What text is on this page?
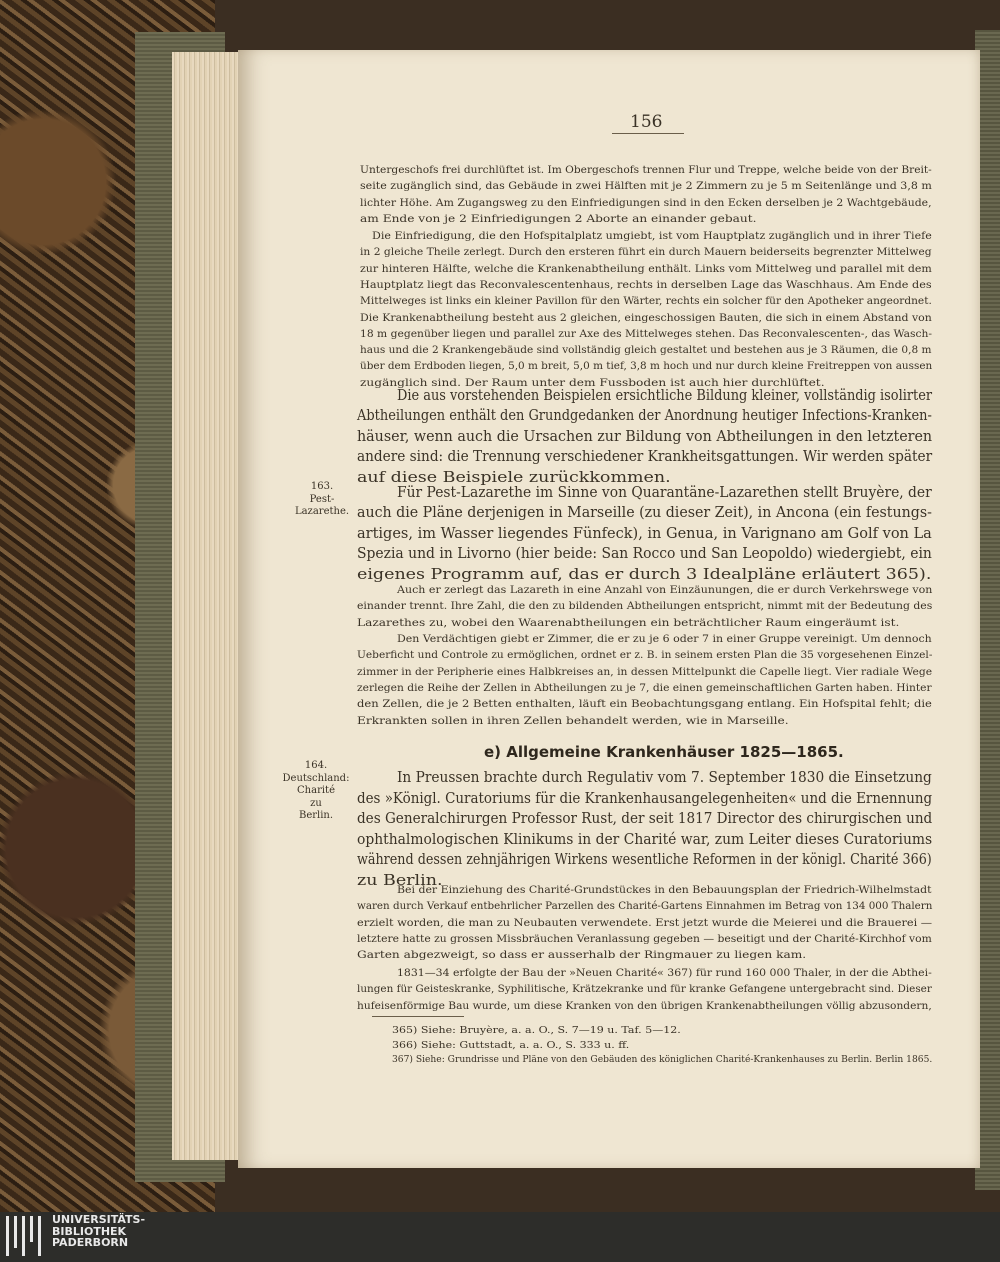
156
Untergeschofs frei durchlüftet ist. Im Obergeschofs trennen Flur und Treppe, welche beide von der Breit-
seite zugänglich sind, das Gebäude in zwei Hälften mit je 2 Zimmern zu je 5 m Seitenlänge und 3,8 m
lichter Höhe. Am Zugangsweg zu den Einfriedigungen sind in den Ecken derselben je 2 Wachtgebäude,
am Ende von je 2 Einfriedigungen 2 Aborte an einander gebaut.
Die Einfriedigung, die den Hofspitalplatz umgiebt, ist vom Hauptplatz zugänglich und in ihrer Tiefe
in 2 gleiche Theile zerlegt. Durch den ersteren führt ein durch Mauern beiderseits begrenzter Mittelweg
zur hinteren Hälfte, welche die Krankenabtheilung enthält. Links vom Mittelweg und parallel mit dem
Hauptplatz liegt das Reconvalescentenhaus, rechts in derselben Lage das Waschhaus. Am Ende des
Mittelweges ist links ein kleiner Pavillon für den Wärter, rechts ein solcher für den Apotheker angeordnet.
Die Krankenabtheilung besteht aus 2 gleichen, eingeschossigen Bauten, die sich in einem Abstand von
18 m gegenüber liegen und parallel zur Axe des Mittelweges stehen. Das Reconvalescenten-, das Wasch-
haus und die 2 Krankengebäude sind vollständig gleich gestaltet und bestehen aus je 3 Räumen, die 0,8 m
über dem Erdboden liegen, 5,0 m breit, 5,0 m tief, 3,8 m hoch und nur durch kleine Freitreppen von aussen
zugänglich sind. Der Raum unter dem Fussboden ist auch hier durchlüftet.
Die aus vorstehenden Beispielen ersichtliche Bildung kleiner, vollständig isolirter
Abtheilungen enthält den Grundgedanken der Anordnung heutiger Infections-Kranken-
häuser, wenn auch die Ursachen zur Bildung von Abtheilungen in den letzteren
andere sind: die Trennung verschiedener Krankheitsgattungen. Wir werden später
auf diese Beispiele zurückkommen.
Für Pest-Lazarethe im Sinne von Quarantäne-Lazarethen stellt Bruyère, der
auch die Pläne derjenigen in Marseille (zu dieser Zeit), in Ancona (ein festungs-
artiges, im Wasser liegendes Fünfeck), in Genua, in Varignano am Golf von La
Spezia und in Livorno (hier beide: San Rocco und San Leopoldo) wiedergiebt, ein
eigenes Programm auf, das er durch 3 Idealpläne erläutert 365).
Auch er zerlegt das Lazareth in eine Anzahl von Einzäunungen, die er durch Verkehrswege von
einander trennt. Ihre Zahl, die den zu bildenden Abtheilungen entspricht, nimmt mit der Bedeutung des
Lazarethes zu, wobei den Waarenabtheilungen ein beträchtlicher Raum eingeräumt ist.
Den Verdächtigen giebt er Zimmer, die er zu je 6 oder 7 in einer Gruppe vereinigt. Um dennoch
Ueberficht und Controle zu ermöglichen, ordnet er z. B. in seinem ersten Plan die 35 vorgesehenen Einzel-
zimmer in der Peripherie eines Halbkreises an, in dessen Mittelpunkt die Capelle liegt. Vier radiale Wege
zerlegen die Reihe der Zellen in Abtheilungen zu je 7, die einen gemeinschaftlichen Garten haben. Hinter
den Zellen, die je 2 Betten enthalten, läuft ein Beobachtungsgang entlang. Ein Hofspital fehlt; die
Erkrankten sollen in ihren Zellen behandelt werden, wie in Marseille.
In Preussen brachte durch Regulativ vom 7. September 1830 die Einsetzung
des »Königl. Curatoriums für die Krankenhausangelegenheiten« und die Ernennung
des Generalchirurgen Professor Rust, der seit 1817 Director des chirurgischen und
ophthalmologischen Klinikums in der Charité war, zum Leiter dieses Curatoriums
während dessen zehnjährigen Wirkens wesentliche Reformen in der königl. Charité 366)
zu Berlin.
Bei der Einziehung des Charité-Grundstückes in den Bebauungsplan der Friedrich-Wilhelmstadt
waren durch Verkauf entbehrlicher Parzellen des Charité-Gartens Einnahmen im Betrag von 134 000 Thalern
erzielt worden, die man zu Neubauten verwendete. Erst jetzt wurde die Meierei und die Brauerei —
letztere hatte zu grossen Missbräuchen Veranlassung gegeben — beseitigt und der Charité-Kirchhof vom
Garten abgezweigt, so dass er ausserhalb der Ringmauer zu liegen kam.
1831—34 erfolgte der Bau der »Neuen Charité« 367) für rund 160 000 Thaler, in der die Abthei-
lungen für Geisteskranke, Syphilitische, Krätzekranke und für kranke Gefangene untergebracht sind. Dieser
hufeisenförmige Bau wurde, um diese Kranken von den übrigen Krankenabtheilungen völlig abzusondern,
365) Siehe: Bruyère, a. a. O., S. 7—19 u. Taf. 5—12.
366) Siehe: Guttstadt, a. a. O., S. 333 u. ff.
367) Siehe: Grundrisse und Pläne von den Gebäuden des königlichen Charité-Krankenhauses zu Berlin. Berlin 1865.
163.
Pest-
Lazarethe.
e) Allgemeine Krankenhäuser 1825—1865.
164.
Deutschland:
Charité
zu
Berlin.
UNIVERSITÄTS-
BIBLIOTHEK
PADERBORN
